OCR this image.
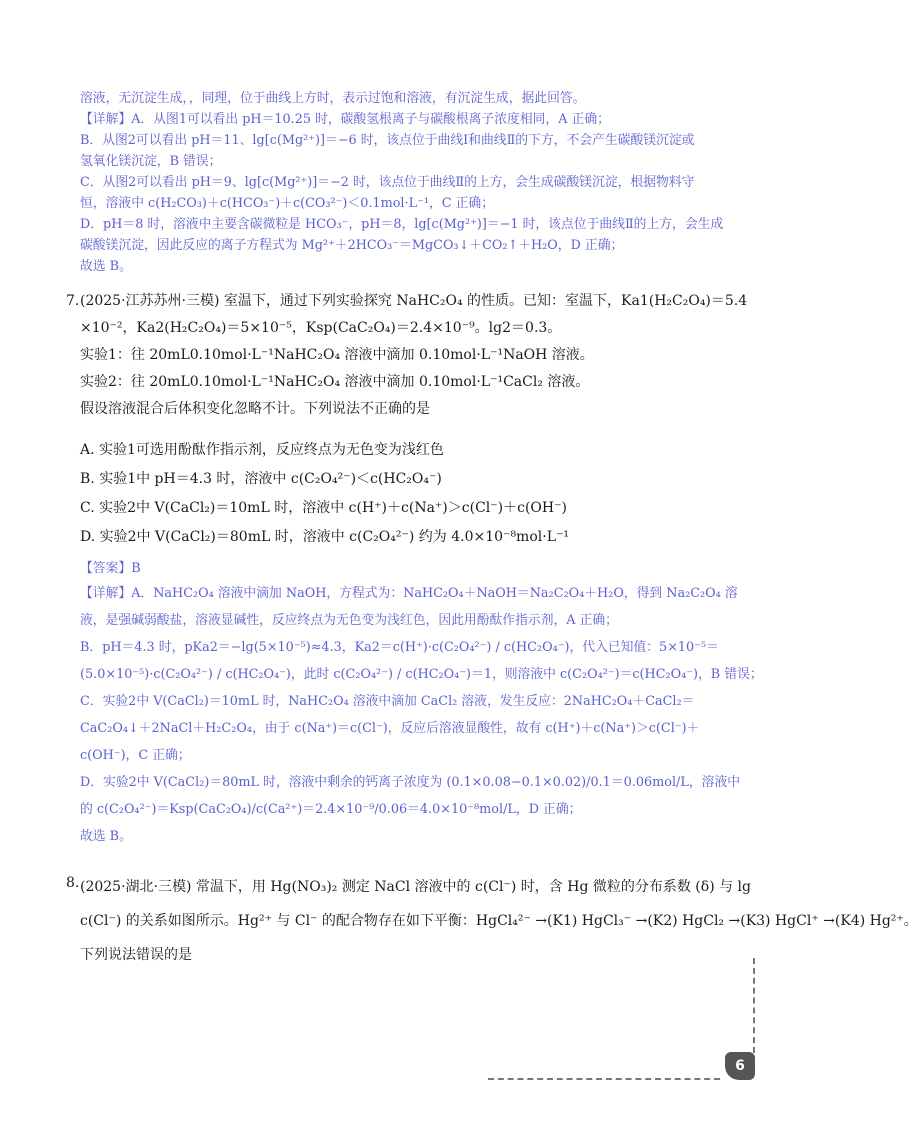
溶液，无沉淀生成，，同理，位于曲线上方时，表示过饱和溶液，有沉淀生成，据此回答。
【详解】A．从图1可以看出 pH＝10.25 时，碳酸氢根离子与碳酸根离子浓度相同，A 正确；
B．从图2可以看出 pH＝11、lg[c(Mg²⁺)]＝−6 时，该点位于曲线Ⅰ和曲线Ⅱ的下方，不会产生碳酸镁沉淀或
氢氧化镁沉淀，B 错误；
C．从图2可以看出 pH＝9、lg[c(Mg²⁺)]＝−2 时，该点位于曲线Ⅱ的上方，会生成碳酸镁沉淀，根据物料守
恒，溶液中 c(H₂CO₃)＋c(HCO₃⁻)＋c(CO₃²⁻)＜0.1mol·L⁻¹，C 正确；
D．pH＝8 时，溶液中主要含碳微粒是 HCO₃⁻，pH＝8，lg[c(Mg²⁺)]＝−1 时，该点位于曲线Ⅱ的上方，会生成
碳酸镁沉淀，因此反应的离子方程式为 Mg²⁺＋2HCO₃⁻＝MgCO₃↓＋CO₂↑＋H₂O，D 正确；
故选 B。
7. (2025·江苏苏州·三模) 室温下，通过下列实验探究 NaHC₂O₄ 的性质。已知：室温下，Ka1(H₂C₂O₄)＝5.4
×10⁻²，Ka2(H₂C₂O₄)＝5×10⁻⁵，Ksp(CaC₂O₄)＝2.4×10⁻⁹。lg2＝0.3。
实验1：往 20mL0.10mol·L⁻¹NaHC₂O₄ 溶液中滴加 0.10mol·L⁻¹NaOH 溶液。
实验2：往 20mL0.10mol·L⁻¹NaHC₂O₄ 溶液中滴加 0.10mol·L⁻¹CaCl₂ 溶液。
假设溶液混合后体积变化忽略不计。下列说法不正确的是
A. 实验1可选用酚酞作指示剂，反应终点为无色变为浅红色
B. 实验1中 pH＝4.3 时，溶液中 c(C₂O₄²⁻)＜c(HC₂O₄⁻)
C. 实验2中 V(CaCl₂)＝10mL 时，溶液中 c(H⁺)＋c(Na⁺)＞c(Cl⁻)＋c(OH⁻)
D. 实验2中 V(CaCl₂)＝80mL 时，溶液中 c(C₂O₄²⁻) 约为 4.0×10⁻⁸mol·L⁻¹
【答案】B
【详解】A．NaHC₂O₄ 溶液中滴加 NaOH，方程式为：NaHC₂O₄＋NaOH＝Na₂C₂O₄＋H₂O，得到 Na₂C₂O₄ 溶
液，是强碱弱酸盐，溶液显碱性，反应终点为无色变为浅红色，因此用酚酞作指示剂，A 正确；
B．pH＝4.3 时，pKa2＝−lg(5×10⁻⁵)≈4.3，Ka2＝c(H⁺)·c(C₂O₄²⁻) / c(HC₂O₄⁻)，代入已知值：5×10⁻⁵＝
(5.0×10⁻⁵)·c(C₂O₄²⁻) / c(HC₂O₄⁻)，此时 c(C₂O₄²⁻) / c(HC₂O₄⁻)＝1，则溶液中 c(C₂O₄²⁻)＝c(HC₂O₄⁻)，B 错误；
C．实验2中 V(CaCl₂)＝10mL 时，NaHC₂O₄ 溶液中滴加 CaCl₂ 溶液，发生反应：2NaHC₂O₄＋CaCl₂＝
CaC₂O₄↓＋2NaCl＋H₂C₂O₄，由于 c(Na⁺)＝c(Cl⁻)，反应后溶液显酸性，故有 c(H⁺)＋c(Na⁺)＞c(Cl⁻)＋
c(OH⁻)，C 正确；
D．实验2中 V(CaCl₂)＝80mL 时，溶液中剩余的钙离子浓度为 (0.1×0.08−0.1×0.02)/0.1＝0.06mol/L，溶液中
的 c(C₂O₄²⁻)＝Ksp(CaC₂O₄)/c(Ca²⁺)＝2.4×10⁻⁹/0.06＝4.0×10⁻⁸mol/L，D 正确；
故选 B。
8. (2025·湖北·三模) 常温下，用 Hg(NO₃)₂ 测定 NaCl 溶液中的 c(Cl⁻) 时，含 Hg 微粒的分布系数 (δ) 与 lg
c(Cl⁻) 的关系如图所示。Hg²⁺ 与 Cl⁻ 的配合物存在如下平衡：HgCl₄²⁻ →(K1) HgCl₃⁻ →(K2) HgCl₂ →(K3) HgCl⁺ →(K4) Hg²⁺。
下列说法错误的是
6
